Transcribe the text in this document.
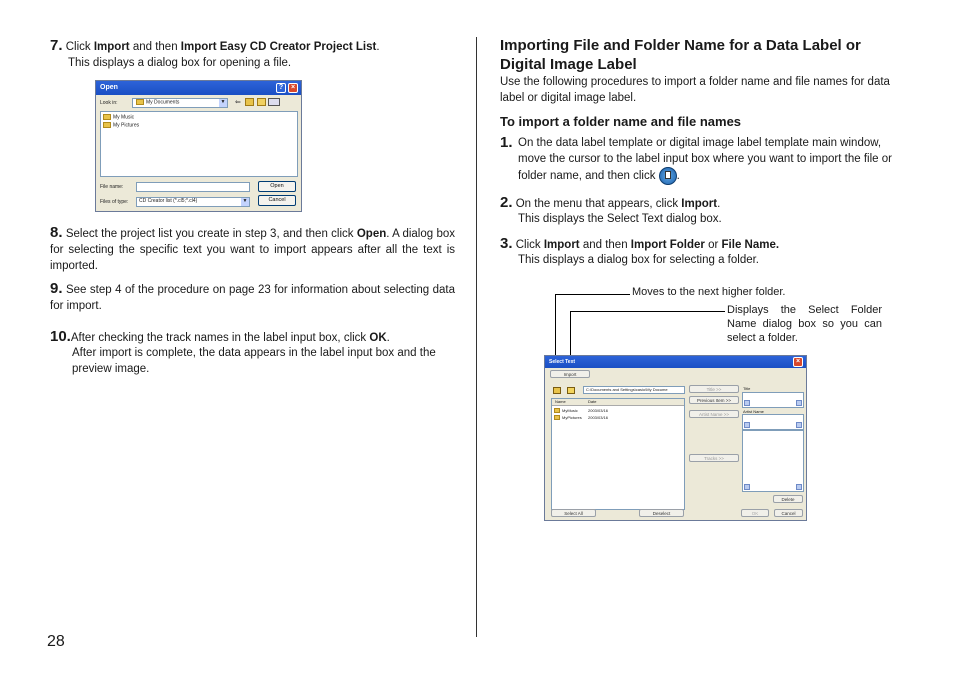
7. Click Import and then Import Easy CD Creator Project List.
This displays a dialog box for opening a file.
Open	?	×
Look in:	My Documents	▼ ⇐
My Music
My Pictures
File name:	Open
Files of type:	CD Creator list (*.cl5;*.cl4)	▼	Cancel
8. Select the project list you create in step 3, and then click Open. A dialog box for selecting the specific text you want to import appears after all the text is imported.
9. See step 4 of the procedure on page 23 for information about selecting data for import.
10.After checking the track names in the label input box, click OK.
After import is complete, the data appears in the label input box and the preview image.
28
Importing File and Folder Name for a Data Label or Digital Image Label
Use the following procedures to import a folder name and file names for data label or digital image label.
To import a folder name and file names
1. On the data label template or digital image label template main window, move the cursor to the label input box where you want to import the file or folder name, and then click .
2. On the menu that appears, click Import.
This displays the Select Text dialog box.
3. Click Import and then Import Folder or File Name.
This displays a dialog box for selecting a folder.
Moves to the next higher folder.
Displays the Select Folder Name dialog box so you can select a folder.
Select Text	×
Import
C:\Documents and Settings\casio\My Docume
Name	Date
MyMusic	2003/03/16
MyPictures 2003/03/16
Title >>
Previous Item >>
Artist Name >>
Tracks >>
Title
Artist Name
Delete
Select All	Deselect	OK	Cancel
